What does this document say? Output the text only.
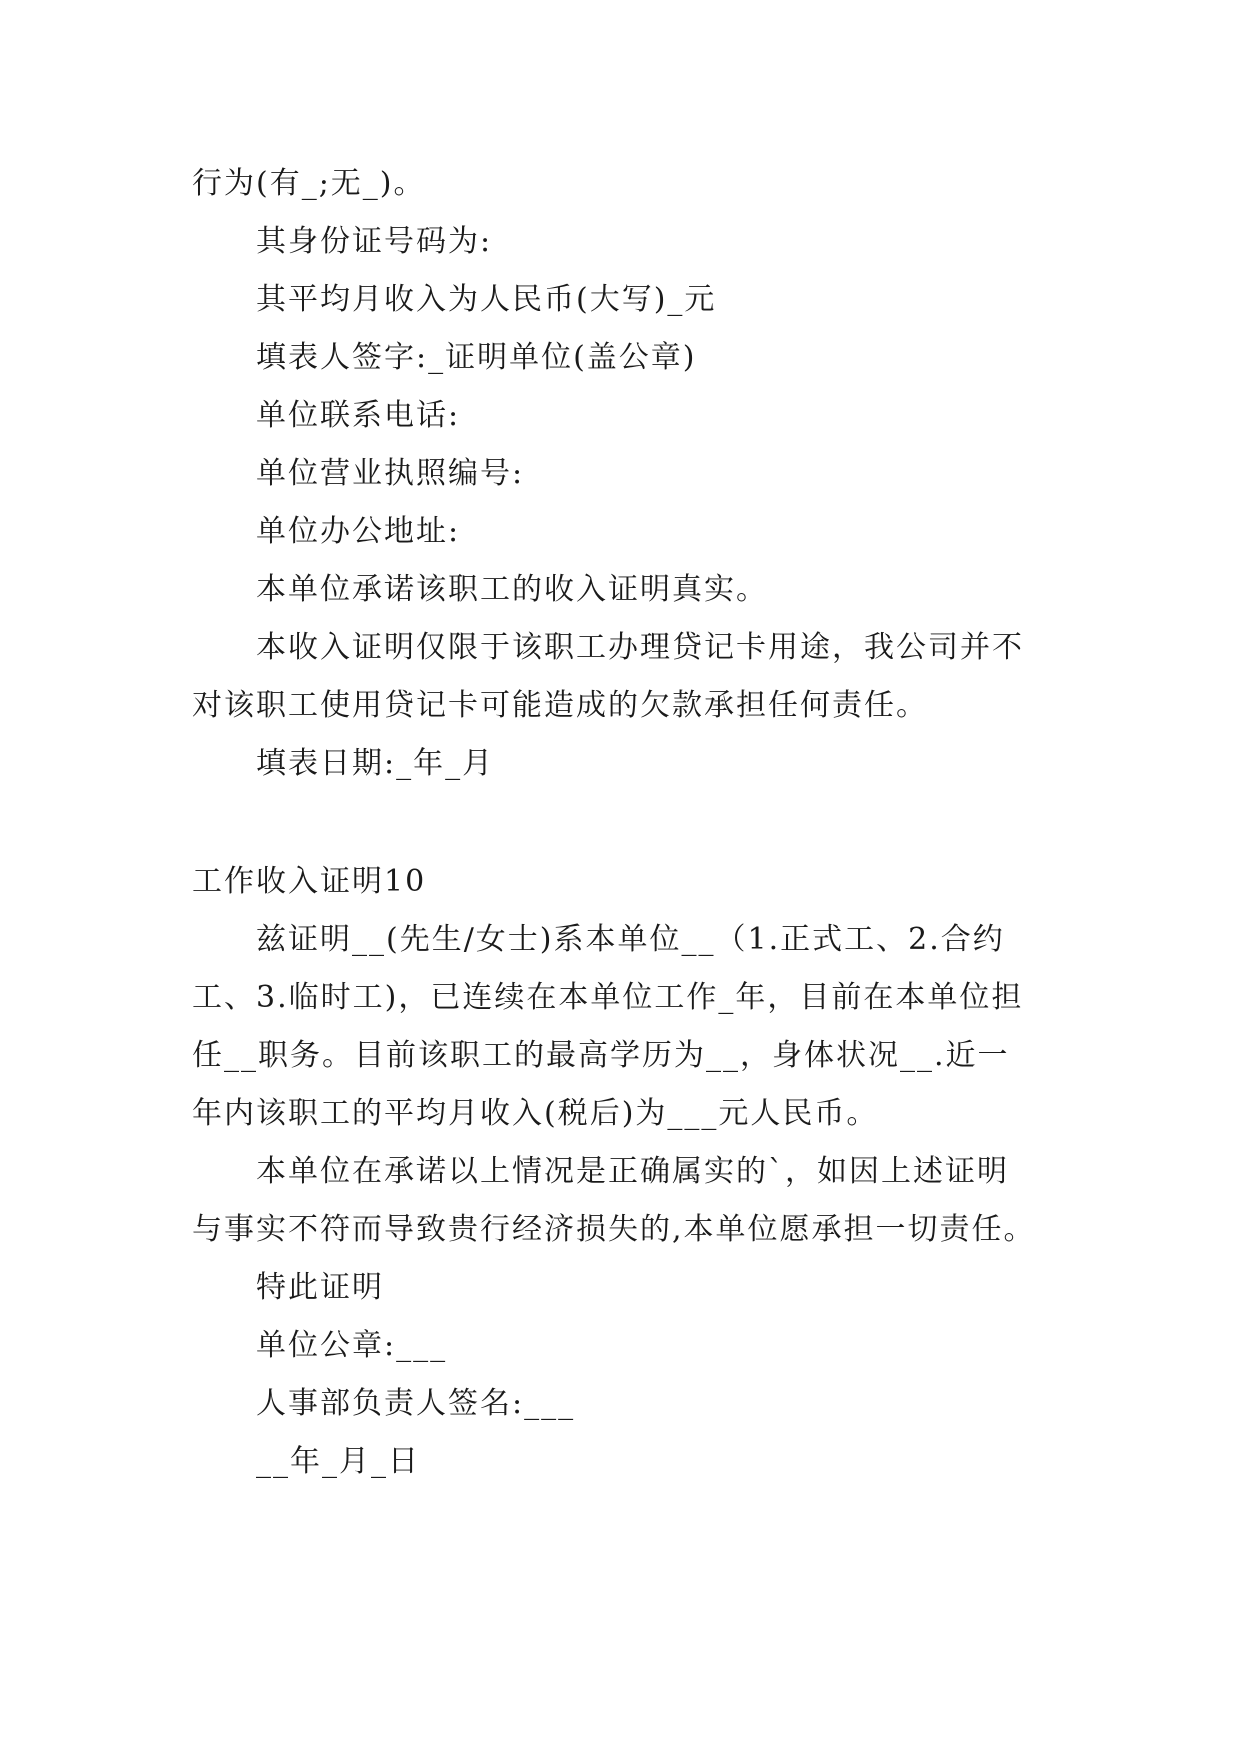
行为(有_;无_)。
其身份证号码为:
其平均月收入为人民币(大写)_元
填表人签字:_证明单位(盖公章)
单位联系电话:
单位营业执照编号:
单位办公地址:
本单位承诺该职工的收入证明真实。
本收入证明仅限于该职工办理贷记卡用途，我公司并不
对该职工使用贷记卡可能造成的欠款承担任何责任。
填表日期:_年_月
工作收入证明10
兹证明__(先生/女士)系本单位__（1.正式工、2.合约
工、3.临时工)，已连续在本单位工作_年，目前在本单位担
任__职务。目前该职工的最高学历为__，身体状况__.近一
年内该职工的平均月收入(税后)为___元人民币。
本单位在承诺以上情况是正确属实的`，如因上述证明
与事实不符而导致贵行经济损失的,本单位愿承担一切责任。
特此证明
单位公章:___
人事部负责人签名:___
__年_月_日
